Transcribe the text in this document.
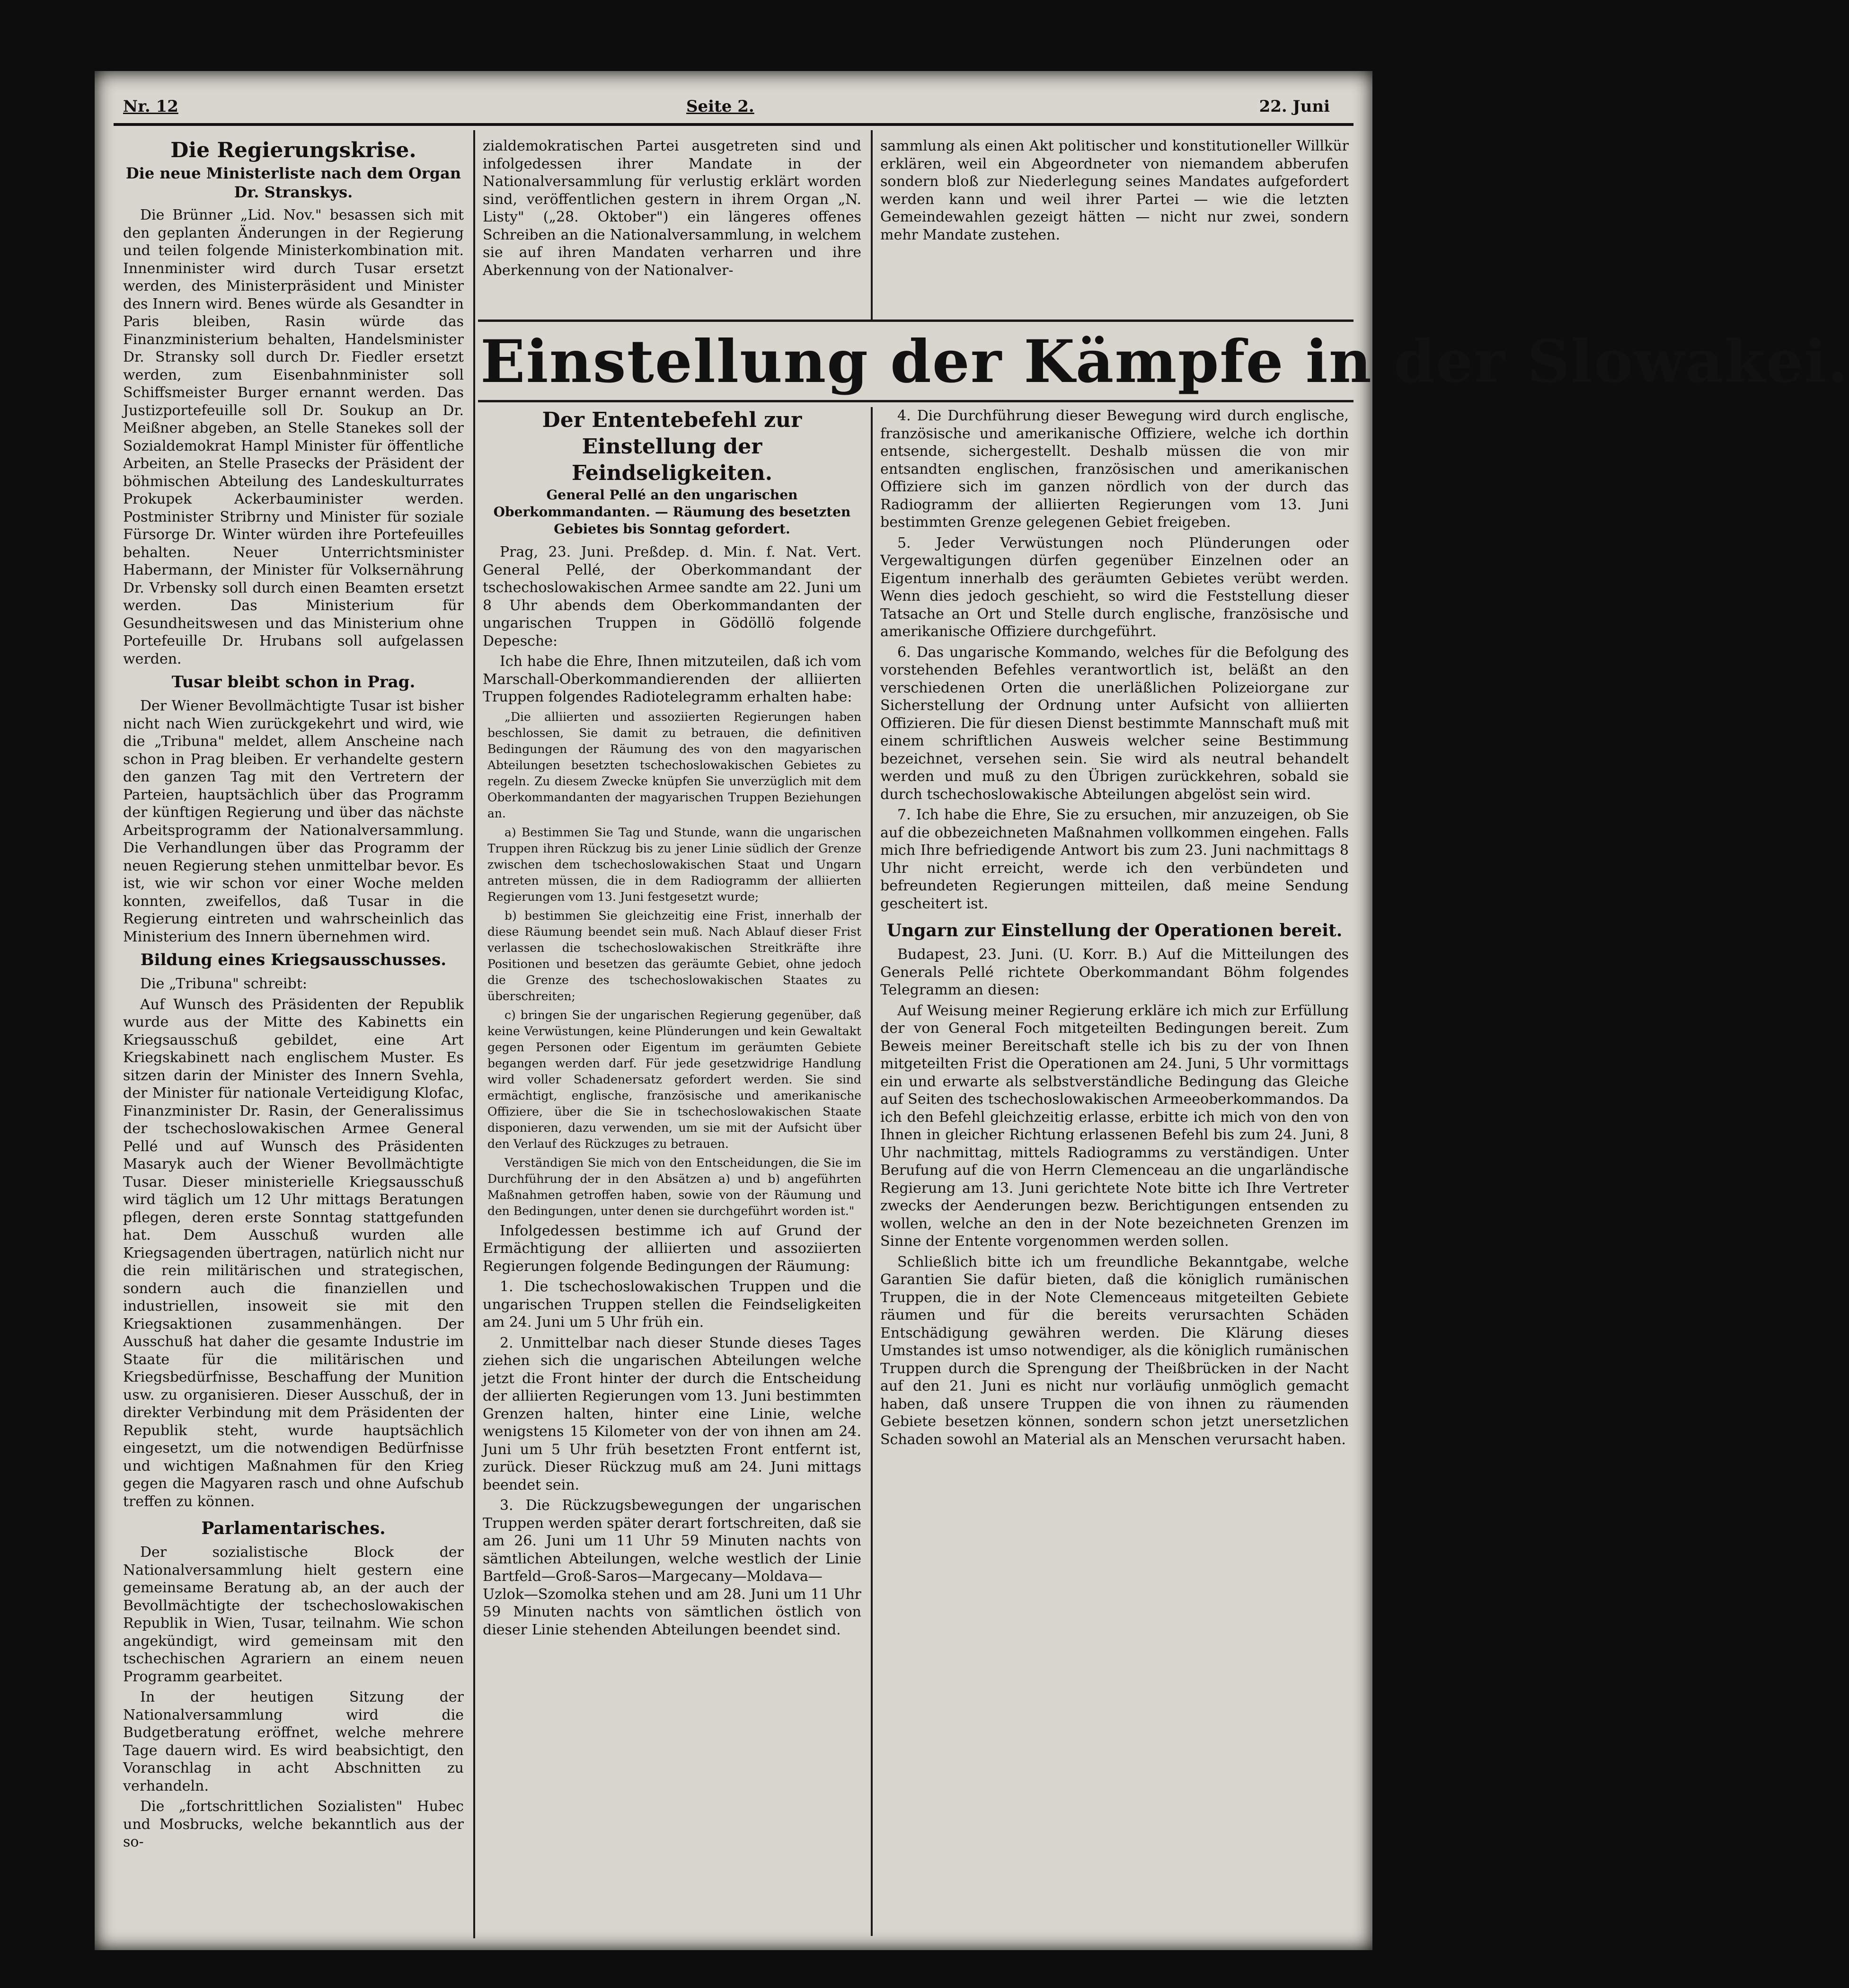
Nr. 12	Seite 2.	22. Juni
Die Regierungskrise.
Die neue Ministerliste nach dem Organ Dr. Stranskys.

Die Brünner „Lid. Nov." besassen sich mit den geplanten Änderungen in der Regierung und teilen folgende Ministerkombination mit. Innenminister wird durch Tusar ersetzt werden, des Ministerpräsident und Minister des Innern wird. Benes würde als Gesandter in Paris bleiben, Rasin würde das Finanzministerium behalten, Handelsminister Dr. Stransky soll durch Dr. Fiedler ersetzt werden, zum Eisenbahnminister soll Schiffsmeister Burger ernannt werden. Das Justizportefeuille soll Dr. Soukup an Dr. Meißner abgeben, an Stelle Stanekes soll der Sozialdemokrat Hampl Minister für öffentliche Arbeiten, an Stelle Prasecks der Präsident der böhmischen Abteilung des Landeskulturrates Prokupek Ackerbauminister werden. Postminister Stribrny und Minister für soziale Fürsorge Dr. Winter würden ihre Portefeuilles behalten. Neuer Unterrichtsminister Habermann, der Minister für Volksernährung Dr. Vrbensky soll durch einen Beamten ersetzt werden. Das Ministerium für Gesundheitswesen und das Ministerium ohne Portefeuille Dr. Hrubans soll aufgelassen werden.

Tusar bleibt schon in Prag.

Der Wiener Bevollmächtigte Tusar ist bisher nicht nach Wien zurückgekehrt und wird, wie die „Tribuna" meldet, allem Anscheine nach schon in Prag bleiben. Er verhandelte gestern den ganzen Tag mit den Vertretern der Parteien, hauptsächlich über das Programm der künftigen Regierung und über das nächste Arbeitsprogramm der Nationalversammlung. Die Verhandlungen über das Programm der neuen Regierung stehen unmittelbar bevor. Es ist, wie wir schon vor einer Woche melden konnten, zweifellos, daß Tusar in die Regierung eintreten und wahrscheinlich das Ministerium des Innern übernehmen wird.

Bildung eines Kriegsausschusses.

Die „Tribuna" schreibt:

Auf Wunsch des Präsidenten der Republik wurde aus der Mitte des Kabinetts ein Kriegsausschuß gebildet, eine Art Kriegskabinett nach englischem Muster. Es sitzen darin der Minister des Innern Svehla, der Minister für nationale Verteidigung Klofac, Finanzminister Dr. Rasin, der Generalissimus der tschechoslowakischen Armee General Pellé und auf Wunsch des Präsidenten Masaryk auch der Wiener Bevollmächtigte Tusar. Dieser ministerielle Kriegsausschuß wird täglich um 12 Uhr mittags Beratungen pflegen, deren erste Sonntag stattgefunden hat. Dem Ausschuß wurden alle Kriegsagenden übertragen, natürlich nicht nur die rein militärischen und strategischen, sondern auch die finanziellen und industriellen, insoweit sie mit den Kriegsaktionen zusammenhängen. Der Ausschuß hat daher die gesamte Industrie im Staate für die militärischen und Kriegsbedürfnisse, Beschaffung der Munition usw. zu organisieren. Dieser Ausschuß, der in direkter Verbindung mit dem Präsidenten der Republik steht, wurde hauptsächlich eingesetzt, um die notwendigen Bedürfnisse und wichtigen Maßnahmen für den Krieg gegen die Magyaren rasch und ohne Aufschub treffen zu können.

Parlamentarisches.

Der sozialistische Block der Nationalversammlung hielt gestern eine gemeinsame Beratung ab, an der auch der Bevollmächtigte der tschechoslowakischen Republik in Wien, Tusar, teilnahm. Wie schon angekündigt, wird gemeinsam mit den tschechischen Agrariern an einem neuen Programm gearbeitet.

In der heutigen Sitzung der Nationalversammlung wird die Budgetberatung eröffnet, welche mehrere Tage dauern wird. Es wird beabsichtigt, den Voranschlag in acht Abschnitten zu verhandeln.

Die „fortschrittlichen Sozialisten" Hubec und Mosbrucks, welche bekanntlich aus der so-

zialdemokratischen Partei ausgetreten sind und infolgedessen ihrer Mandate in der Nationalversammlung für verlustig erklärt worden sind, veröffentlichen gestern in ihrem Organ „N. Listy" („28. Oktober") ein längeres offenes Schreiben an die Nationalversammlung, in welchem sie auf ihren Mandaten verharren und ihre Aberkennung von der Nationalver-

sammlung als einen Akt politischer und konstitutioneller Willkür erklären, weil ein Abgeordneter von niemandem abberufen sondern bloß zur Niederlegung seines Mandates aufgefordert werden kann und weil ihrer Partei — wie die letzten Gemeindewahlen gezeigt hätten — nicht nur zwei, sondern mehr Mandate zustehen.

Einstellung der Kämpfe in der Slowakei.
Der Ententebefehl zur Einstellung der Feindseligkeiten.
General Pellé an den ungarischen Oberkommandanten. — Räumung des besetzten Gebietes bis Sonntag gefordert.

Prag, 23. Juni. Preßdep. d. Min. f. Nat. Vert. General Pellé, der Oberkommandant der tschechoslowakischen Armee sandte am 22. Juni um 8 Uhr abends dem Oberkommandanten der ungarischen Truppen in Gödöllö folgende Depesche:

Ich habe die Ehre, Ihnen mitzuteilen, daß ich vom Marschall-Oberkommandierenden der alliierten Truppen folgendes Radiotelegramm erhalten habe:

„Die alliierten und assoziierten Regierungen haben beschlossen, Sie damit zu betrauen, die definitiven Bedingungen der Räumung des von den magyarischen Abteilungen besetzten tschechoslowakischen Gebietes zu regeln. Zu diesem Zwecke knüpfen Sie unverzüglich mit dem Oberkommandanten der magyarischen Truppen Beziehungen an.

a) Bestimmen Sie Tag und Stunde, wann die ungarischen Truppen ihren Rückzug bis zu jener Linie südlich der Grenze zwischen dem tschechoslowakischen Staat und Ungarn antreten müssen, die in dem Radiogramm der alliierten Regierungen vom 13. Juni festgesetzt wurde;

b) bestimmen Sie gleichzeitig eine Frist, innerhalb der diese Räumung beendet sein muß. Nach Ablauf dieser Frist verlassen die tschechoslowakischen Streitkräfte ihre Positionen und besetzen das geräumte Gebiet, ohne jedoch die Grenze des tschechoslowakischen Staates zu überschreiten;

c) bringen Sie der ungarischen Regierung gegenüber, daß keine Verwüstungen, keine Plünderungen und kein Gewaltakt gegen Personen oder Eigentum im geräumten Gebiete begangen werden darf. Für jede gesetzwidrige Handlung wird voller Schadenersatz gefordert werden. Sie sind ermächtigt, englische, französische und amerikanische Offiziere, über die Sie in tschechoslowakischen Staate disponieren, dazu verwenden, um sie mit der Aufsicht über den Verlauf des Rückzuges zu betrauen.

Verständigen Sie mich von den Entscheidungen, die Sie im Durchführung der in den Absätzen a) und b) angeführten Maßnahmen getroffen haben, sowie von der Räumung und den Bedingungen, unter denen sie durchgeführt worden ist."

Infolgedessen bestimme ich auf Grund der Ermächtigung der alliierten und assoziierten Regierungen folgende Bedingungen der Räumung:

1. Die tschechoslowakischen Truppen und die ungarischen Truppen stellen die Feindseligkeiten am 24. Juni um 5 Uhr früh ein.

2. Unmittelbar nach dieser Stunde dieses Tages ziehen sich die ungarischen Abteilungen welche jetzt die Front hinter der durch die Entscheidung der alliierten Regierungen vom 13. Juni bestimmten Grenzen halten, hinter eine Linie, welche wenigstens 15 Kilometer von der von ihnen am 24. Juni um 5 Uhr früh besetzten Front entfernt ist, zurück. Dieser Rückzug muß am 24. Juni mittags beendet sein.

3. Die Rückzugsbewegungen der ungarischen Truppen werden später derart fortschreiten, daß sie am 26. Juni um 11 Uhr 59 Minuten nachts von sämtlichen Abteilungen, welche westlich der Linie Bartfeld—Groß-Saros—Margecany—Moldava—Uzlok—Szomolka stehen und am 28. Juni um 11 Uhr 59 Minuten nachts von sämtlichen östlich von dieser Linie stehenden Abteilungen beendet sind.

4. Die Durchführung dieser Bewegung wird durch englische, französische und amerikanische Offiziere, welche ich dorthin entsende, sichergestellt. Deshalb müssen die von mir entsandten englischen, französischen und amerikanischen Offiziere sich im ganzen nördlich von der durch das Radiogramm der alliierten Regierungen vom 13. Juni bestimmten Grenze gelegenen Gebiet freigeben.

5. Jeder Verwüstungen noch Plünderungen oder Vergewaltigungen dürfen gegenüber Einzelnen oder an Eigentum innerhalb des geräumten Gebietes verübt werden. Wenn dies jedoch geschieht, so wird die Feststellung dieser Tatsache an Ort und Stelle durch englische, französische und amerikanische Offiziere durchgeführt.

6. Das ungarische Kommando, welches für die Befolgung des vorstehenden Befehles verantwortlich ist, beläßt an den verschiedenen Orten die unerläßlichen Polizeiorgane zur Sicherstellung der Ordnung unter Aufsicht von alliierten Offizieren. Die für diesen Dienst bestimmte Mannschaft muß mit einem schriftlichen Ausweis welcher seine Bestimmung bezeichnet, versehen sein. Sie wird als neutral behandelt werden und muß zu den Übrigen zurückkehren, sobald sie durch tschechoslowakische Abteilungen abgelöst sein wird.

7. Ich habe die Ehre, Sie zu ersuchen, mir anzuzeigen, ob Sie auf die obbezeichneten Maßnahmen vollkommen eingehen. Falls mich Ihre befriedigende Antwort bis zum 23. Juni nachmittags 8 Uhr nicht erreicht, werde ich den verbündeten und befreundeten Regierungen mitteilen, daß meine Sendung gescheitert ist.

Ungarn zur Einstellung der Operationen bereit.

Budapest, 23. Juni. (U. Korr. B.) Auf die Mitteilungen des Generals Pellé richtete Oberkommandant Böhm folgendes Telegramm an diesen:

Auf Weisung meiner Regierung erkläre ich mich zur Erfüllung der von General Foch mitgeteilten Bedingungen bereit. Zum Beweis meiner Bereitschaft stelle ich bis zu der von Ihnen mitgeteilten Frist die Operationen am 24. Juni, 5 Uhr vormittags ein und erwarte als selbstverständliche Bedingung das Gleiche auf Seiten des tschechoslowakischen Armeeoberkommandos. Da ich den Befehl gleichzeitig erlasse, erbitte ich mich von den von Ihnen in gleicher Richtung erlassenen Befehl bis zum 24. Juni, 8 Uhr nachmittag, mittels Radiogramms zu verständigen. Unter Berufung auf die von Herrn Clemenceau an die ungarländische Regierung am 13. Juni gerichtete Note bitte ich Ihre Vertreter zwecks der Aenderungen bezw. Berichtigungen entsenden zu wollen, welche an den in der Note bezeichneten Grenzen im Sinne der Entente vorgenommen werden sollen.

Schließlich bitte ich um freundliche Bekanntgabe, welche Garantien Sie dafür bieten, daß die königlich rumänischen Truppen, die in der Note Clemenceaus mitgeteilten Gebiete räumen und für die bereits verursachten Schäden Entschädigung gewähren werden. Die Klärung dieses Umstandes ist umso notwendiger, als die königlich rumänischen Truppen durch die Sprengung der Theißbrücken in der Nacht auf den 21. Juni es nicht nur vorläufig unmöglich gemacht haben, daß unsere Truppen die von ihnen zu räumenden Gebiete besetzen können, sondern schon jetzt unersetzlichen Schaden sowohl an Material als an Menschen verursacht haben.
